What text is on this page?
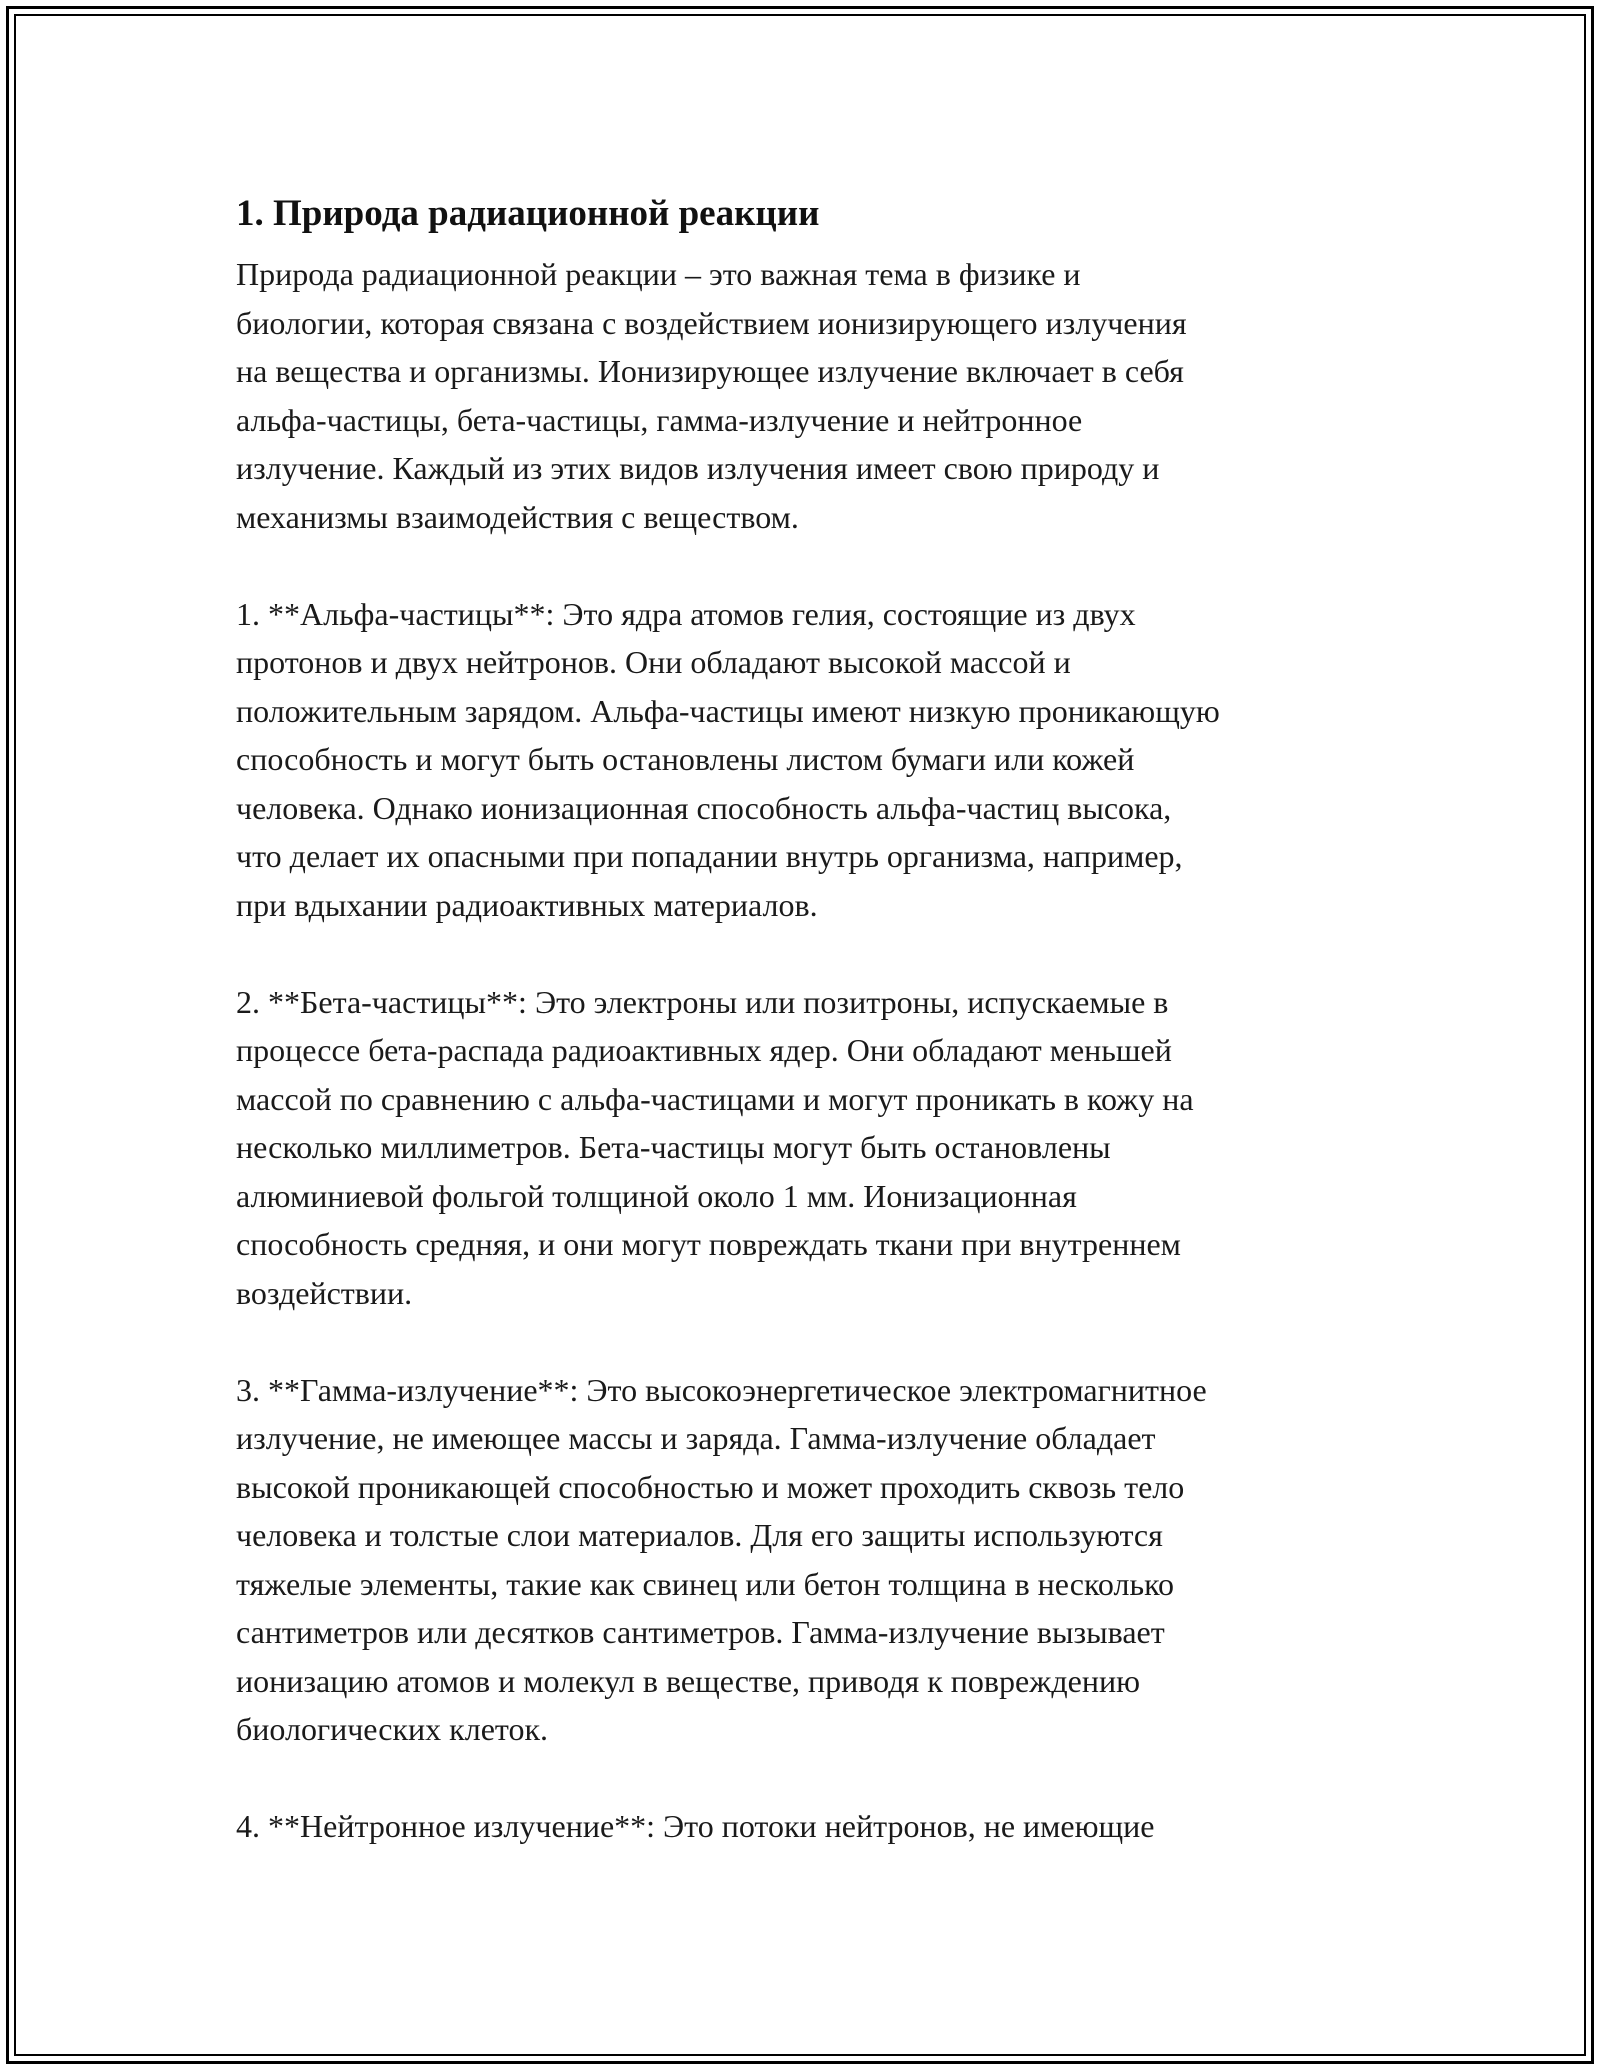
1. Природа радиационной реакции

Природа радиационной реакции – это важная тема в физике и
биологии, которая связана с воздействием ионизирующего излучения
на вещества и организмы. Ионизирующее излучение включает в себя
альфа-частицы, бета-частицы, гамма-излучение и нейтронное
излучение. Каждый из этих видов излучения имеет свою природу и
механизмы взаимодействия с веществом.

1. **Альфа-частицы**: Это ядра атомов гелия, состоящие из двух
протонов и двух нейтронов. Они обладают высокой массой и
положительным зарядом. Альфа-частицы имеют низкую проникающую
способность и могут быть остановлены листом бумаги или кожей
человека. Однако ионизационная способность альфа-частиц высока,
что делает их опасными при попадании внутрь организма, например,
при вдыхании радиоактивных материалов.

2. **Бета-частицы**: Это электроны или позитроны, испускаемые в
процессе бета-распада радиоактивных ядер. Они обладают меньшей
массой по сравнению с альфа-частицами и могут проникать в кожу на
несколько миллиметров. Бета-частицы могут быть остановлены
алюминиевой фольгой толщиной около 1 мм. Ионизационная
способность средняя, и они могут повреждать ткани при внутреннем
воздействии.

3. **Гамма-излучение**: Это высокоэнергетическое электромагнитное
излучение, не имеющее массы и заряда. Гамма-излучение обладает
высокой проникающей способностью и может проходить сквозь тело
человека и толстые слои материалов. Для его защиты используются
тяжелые элементы, такие как свинец или бетон толщина в несколько
сантиметров или десятков сантиметров. Гамма-излучение вызывает
ионизацию атомов и молекул в веществе, приводя к повреждению
биологических клеток.

4. **Нейтронное излучение**: Это потоки нейтронов, не имеющие
